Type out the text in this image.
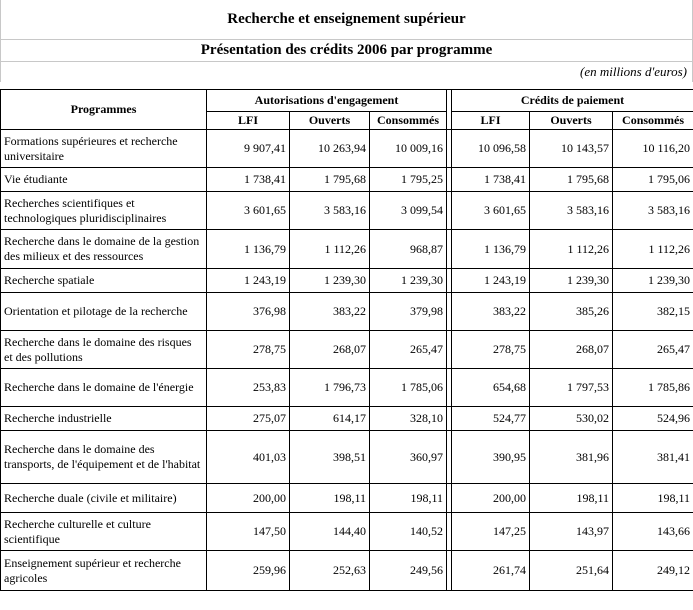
Recherche et enseignement supérieur
Présentation des crédits 2006 par programme
(en millions d'euros)
Programmes	Autorisations d'engagement				Crédits de paiement		
	LFI	Ouverts	Consommés		LFI	Ouverts	Consommés
Formations supérieures et recherche universitaire	9 907,41	10 263,94	10 009,16		10 096,58	10 143,57	10 116,20
Vie étudiante	1 738,41	1 795,68	1 795,25		1 738,41	1 795,68	1 795,06
Recherches scientifiques et technologiques pluridisciplinaires	3 601,65	3 583,16	3 099,54		3 601,65	3 583,16	3 583,16
Recherche dans le domaine de la gestion des milieux et des ressources	1 136,79	1 112,26	968,87		1 136,79	1 112,26	1 112,26
Recherche spatiale	1 243,19	1 239,30	1 239,30		1 243,19	1 239,30	1 239,30
Orientation et pilotage de la recherche	376,98	383,22	379,98		383,22	385,26	382,15
Recherche dans le domaine des risques et des pollutions	278,75	268,07	265,47		278,75	268,07	265,47
Recherche dans le domaine de l'énergie	253,83	1 796,73	1 785,06		654,68	1 797,53	1 785,86
Recherche industrielle	275,07	614,17	328,10		524,77	530,02	524,96
Recherche dans le domaine des transports, de l'équipement et de l'habitat	401,03	398,51	360,97		390,95	381,96	381,41
Recherche duale (civile et militaire)	200,00	198,11	198,11		200,00	198,11	198,11
Recherche culturelle et culture scientifique	147,50	144,40	140,52		147,25	143,97	143,66
Enseignement supérieur et recherche agricoles	259,96	252,63	249,56		261,74	251,64	249,12
